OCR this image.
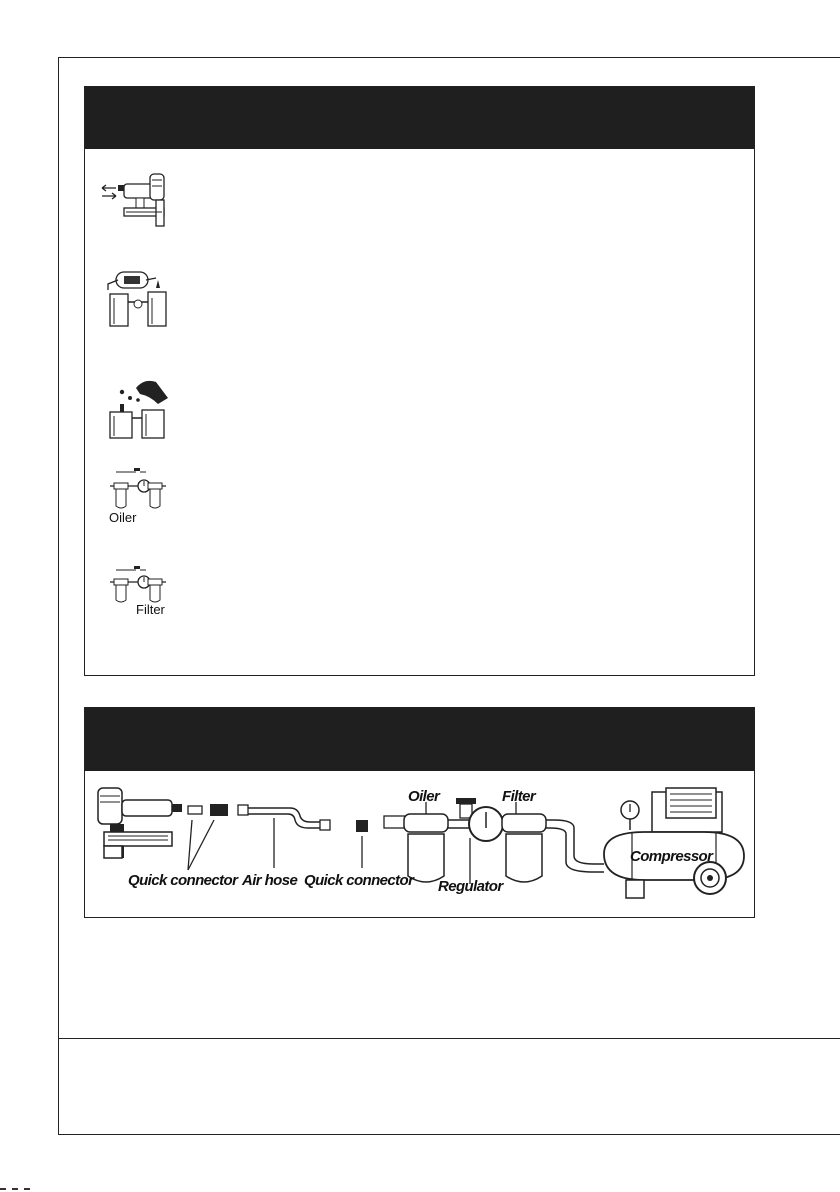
Oiler
Filter
Quick connector Air hose Quick connector
Oiler	Filter
Regulator
Compressor
